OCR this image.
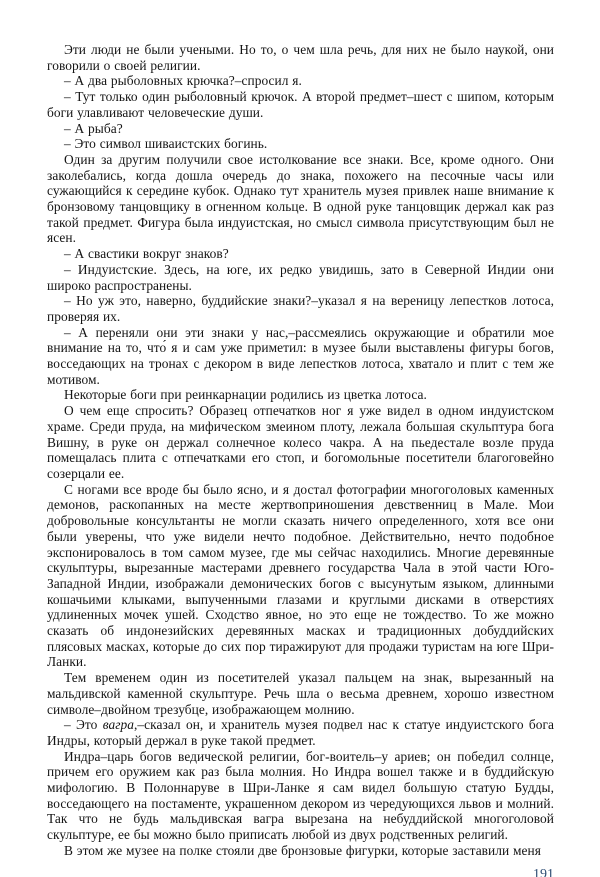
Эти люди не были учеными. Но то, о чем шла речь, для них не было наукой, они говорили о своей религии.

– А два рыболовных крючка?–спросил я.

– Тут только один рыболовный крючок. А второй предмет–шест с шипом, которым боги улавливают человеческие души.

– А рыба?

– Это символ шиваистских богинь.

Один за другим получили свое истолкование все знаки. Все, кроме одного. Они заколебались, когда дошла очередь до знака, похожего на песочные часы или сужающийся к середине кубок. Однако тут хранитель музея привлек наше внимание к бронзовому танцовщику в огненном кольце. В одной руке танцовщик держал как раз такой предмет. Фигура была индуистская, но смысл символа присутствующим был не ясен.

– А свастики вокруг знаков?

– Индуистские. Здесь, на юге, их редко увидишь, зато в Северной Индии они широко распространены.

– Но уж это, наверно, буддийские знаки?–указал я на вереницу лепестков лотоса, проверяя их.

– А переняли они эти знаки у нас,–рассмеялись окружающие и обратили мое внимание на то, что́ я и сам уже приметил: в музее были выставлены фигуры богов, восседающих на тронах с декором в виде лепестков лотоса, хватало и плит с тем же мотивом.

Некоторые боги при реинкарнации родились из цветка лотоса.

О чем еще спросить? Образец отпечатков ног я уже видел в одном индуистском храме. Среди пруда, на мифическом змеином плоту, лежала большая скульптура бога Вишну, в руке он держал солнечное колесо чакра. А на пьедестале возле пруда помещалась плита с отпечатками его стоп, и богомольные посетители благоговейно созерцали ее.

С ногами все вроде бы было ясно, и я достал фотографии многоголовых каменных демонов, раскопанных на месте жертвоприношения девственниц в Мале. Мои добровольные консультанты не могли сказать ничего определенного, хотя все они были уверены, что уже видели нечто подобное. Действительно, нечто подобное экспонировалось в том самом музее, где мы сейчас находились. Многие деревянные скульптуры, вырезанные мастерами древнего государства Чала в этой части Юго-Западной Индии, изображали демонических богов с высунутым языком, длинными кошачьими клыками, выпученными глазами и круглыми дисками в отверстиях удлиненных мочек ушей. Сходство явное, но это еще не тождество. То же можно сказать об индонезийских деревянных масках и традиционных добуддийских плясовых масках, которые до сих пор тиражируют для продажи туристам на юге Шри-Ланки.

Тем временем один из посетителей указал пальцем на знак, вырезанный на мальдивской каменной скульптуре. Речь шла о весьма древнем, хорошо известном символе–двойном трезубце, изображающем молнию.

– Это вагра,–сказал он, и хранитель музея подвел нас к статуе индуистского бога Индры, который держал в руке такой предмет.

Индра–царь богов ведической религии, бог-воитель–у ариев; он победил солнце, причем его оружием как раз была молния. Но Индра вошел также и в буддийскую мифологию. В Полоннаруве в Шри-Ланке я сам видел большую статую Будды, восседающего на постаменте, украшенном декором из чередующихся львов и молний. Так что не будь мальдивская вагра вырезана на небуддийской многоголовой скульптуре, ее бы можно было приписать любой из двух родственных религий.

В этом же музее на полке стояли две бронзовые фигурки, которые заставили меня

191
